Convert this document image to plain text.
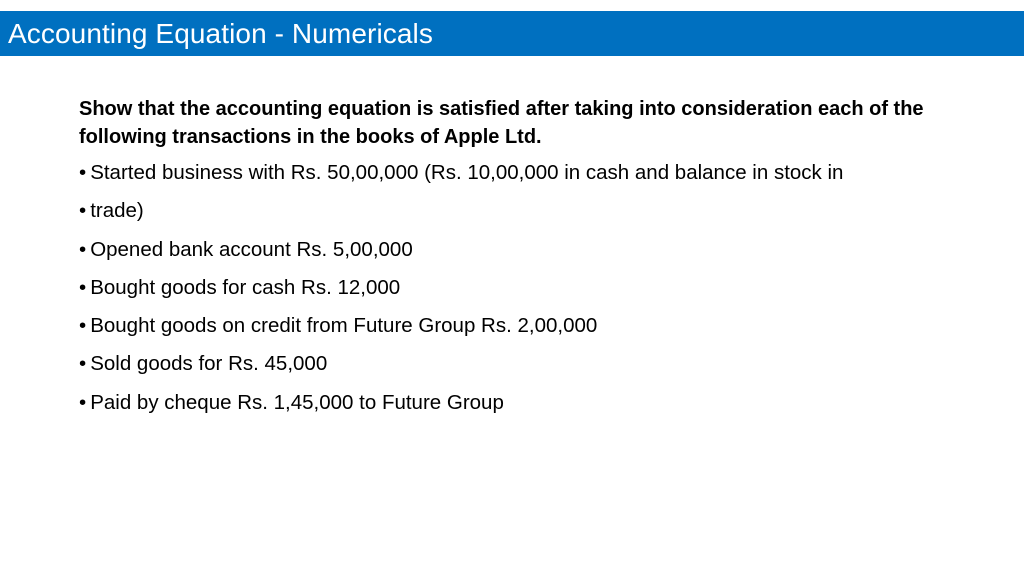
Accounting Equation - Numericals

Show that the accounting equation is satisfied after taking into consideration each of the following transactions in the books of Apple Ltd.

• Started business with Rs. 50,00,000 (Rs. 10,00,000 in cash and balance in stock in
• trade)
• Opened bank account Rs. 5,00,000
• Bought goods for cash Rs. 12,000
• Bought goods on credit from Future Group Rs. 2,00,000
• Sold goods for Rs. 45,000
• Paid by cheque Rs. 1,45,000 to Future Group
